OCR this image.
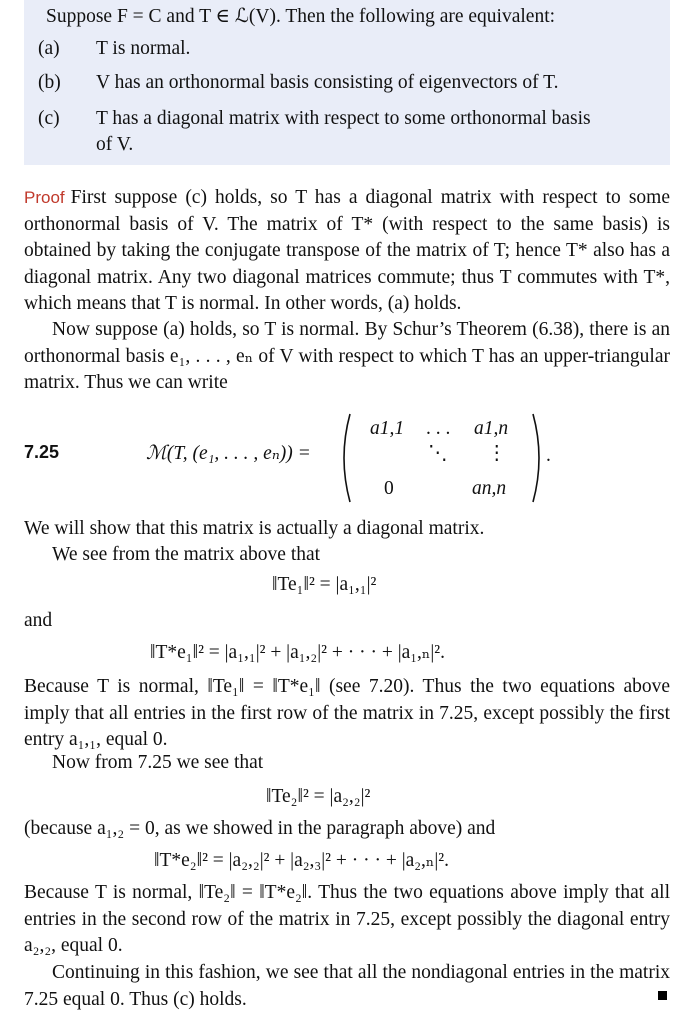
Suppose F = C and T ∈ ℒ(V). Then the following are equivalent:
(a) T is normal.
(b) V has an orthonormal basis consisting of eigenvectors of T.
(c) T has a diagonal matrix with respect to some orthonormal basis
of V.

Proof First suppose (c) holds, so T has a diagonal matrix with respect to some orthonormal basis of V. The matrix of T* (with respect to the same basis) is obtained by taking the conjugate transpose of the matrix of T; hence T* also has a diagonal matrix. Any two diagonal matrices commute; thus T commutes with T*, which means that T is normal. In other words, (a) holds.

Now suppose (a) holds, so T is normal. By Schur’s Theorem (6.38), there is an orthonormal basis e₁, . . . , eₙ of V with respect to which T has an upper-triangular matrix. Thus we can write

7.25	ℳ(T, (e₁, . . . , eₙ)) =
a1,1 . . . a1,n
⋱ ⋮
0	an,n
.
We will show that this matrix is actually a diagonal matrix.
We see from the matrix above that
‖Te₁‖² = |a₁,₁|²
and
‖T*e₁‖² = |a₁,₁|² + |a₁,₂|² + · · · + |a₁,ₙ|².

Because T is normal, ‖Te₁‖ = ‖T*e₁‖ (see 7.20). Thus the two equations above imply that all entries in the first row of the matrix in 7.25, except possibly the first entry a₁,₁, equal 0.

Now from 7.25 we see that
‖Te₂‖² = |a₂,₂|²
(because a₁,₂ = 0, as we showed in the paragraph above) and
‖T*e₂‖² = |a₂,₂|² + |a₂,₃|² + · · · + |a₂,ₙ|².

Because T is normal, ‖Te₂‖ = ‖T*e₂‖. Thus the two equations above imply that all entries in the second row of the matrix in 7.25, except possibly the diagonal entry a₂,₂, equal 0.

Continuing in this fashion, we see that all the nondiagonal entries in the matrix 7.25 equal 0. Thus (c) holds.
